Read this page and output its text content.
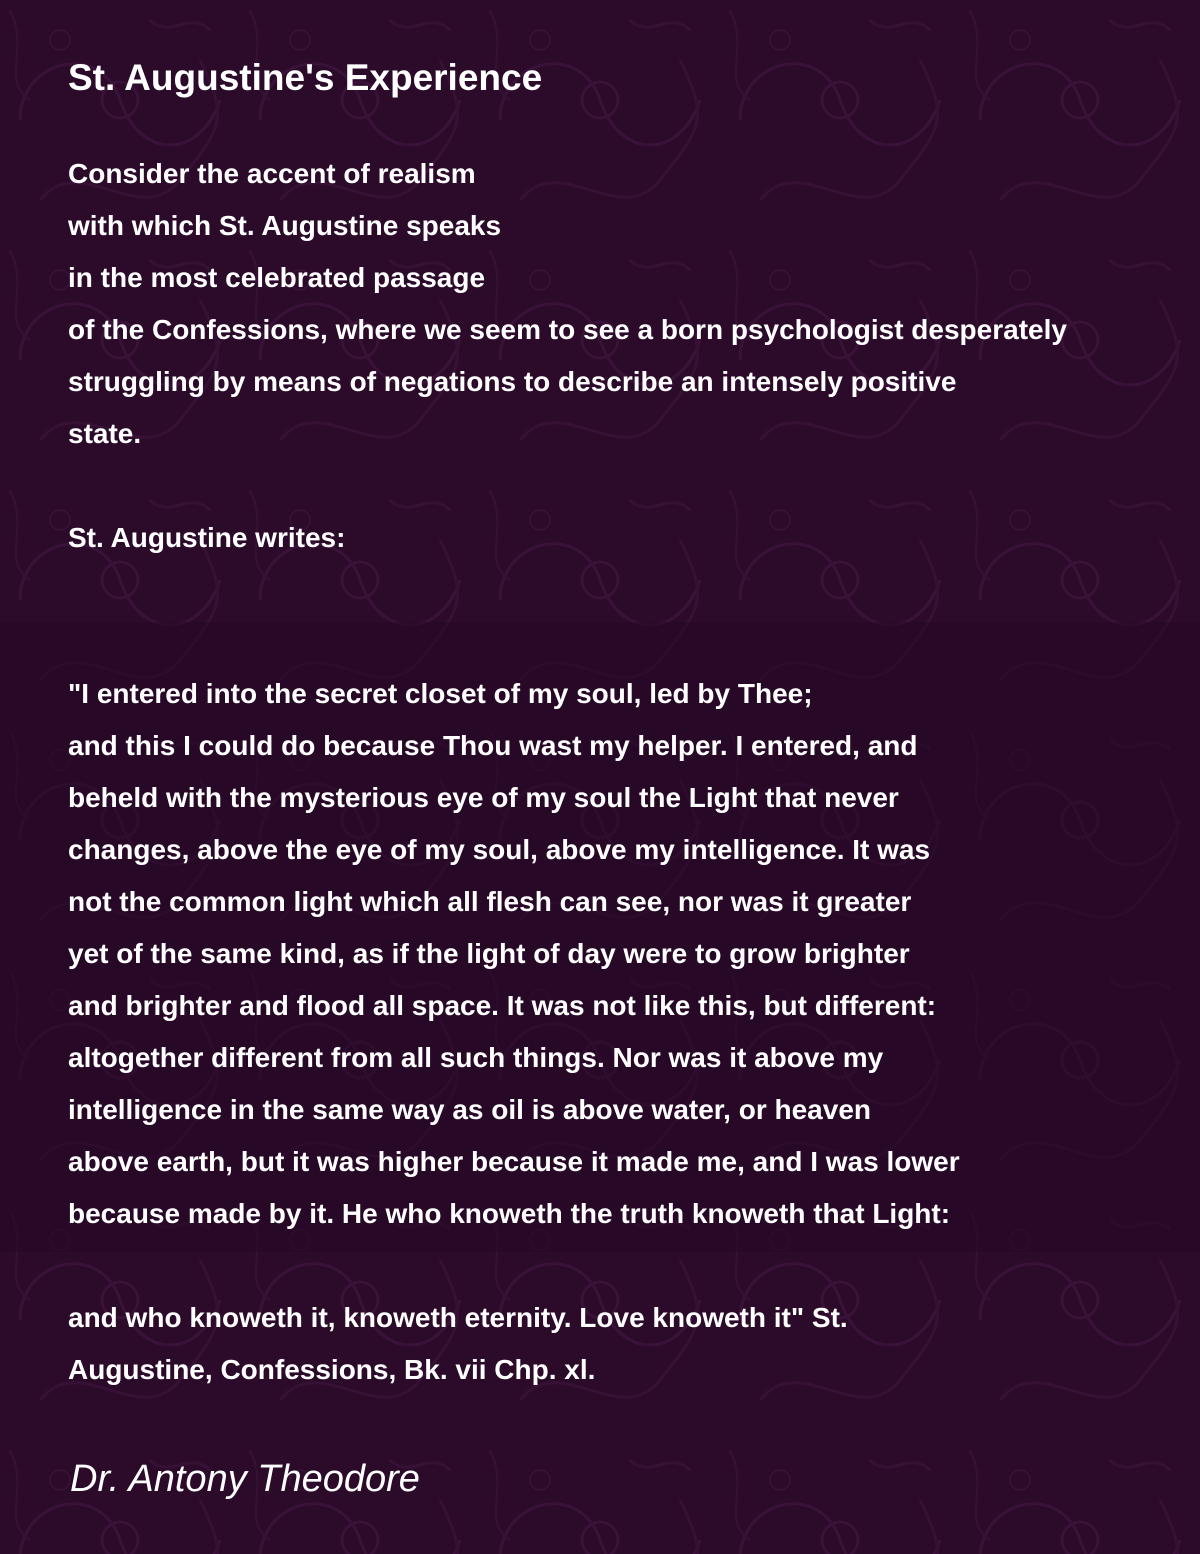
St. Augustine's Experience

Consider the accent of realism

with which St. Augustine speaks

in the most celebrated passage

of the Confessions, where we seem to see a born psychologist desperately

struggling by means of negations to describe an intensely positive

state.

St. Augustine writes:

"I entered into the secret closet of my soul, led by Thee;

and this I could do because Thou wast my helper. I entered, and

beheld with the mysterious eye of my soul the Light that never

changes, above the eye of my soul, above my intelligence. It was

not the common light which all flesh can see, nor was it greater

yet of the same kind, as if the light of day were to grow brighter

and brighter and flood all space. It was not like this, but different:

altogether different from all such things. Nor was it above my

intelligence in the same way as oil is above water, or heaven

above earth, but it was higher because it made me, and I was lower

because made by it. He who knoweth the truth knoweth that Light:

and who knoweth it, knoweth eternity. Love knoweth it" St.

Augustine, Confessions, Bk. vii Chp. xl.

Dr. Antony Theodore
